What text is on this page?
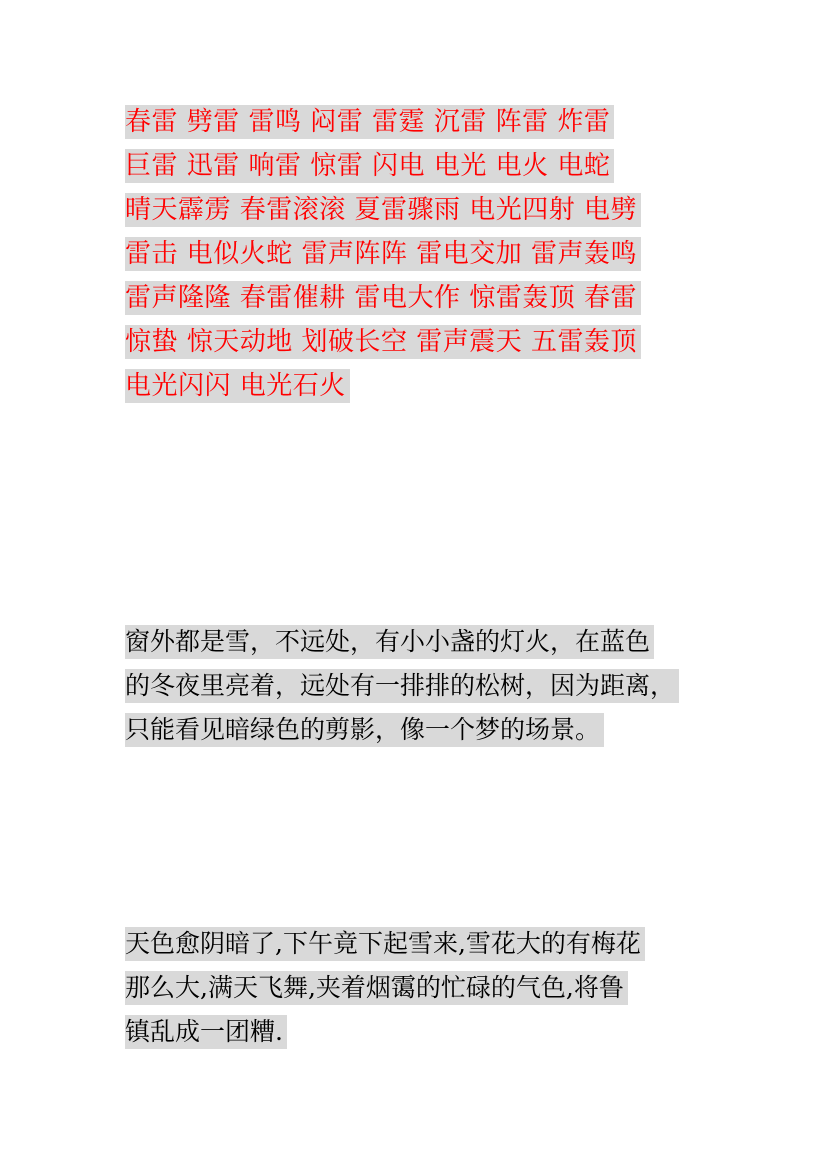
春雷 劈雷 雷鸣 闷雷 雷霆 沉雷 阵雷 炸雷
巨雷 迅雷 响雷 惊雷 闪电 电光 电火 电蛇
晴天霹雳 春雷滚滚 夏雷骤雨 电光四射 电劈
雷击 电似火蛇 雷声阵阵 雷电交加 雷声轰鸣
雷声隆隆 春雷催耕 雷电大作 惊雷轰顶 春雷
惊蛰 惊天动地 划破长空 雷声震天 五雷轰顶
电光闪闪 电光石火
窗外都是雪，不远处，有小小盏的灯火，在蓝色
的冬夜里亮着，远处有一排排的松树，因为距离，
只能看见暗绿色的剪影，像一个梦的场景。
天色愈阴暗了,下午竟下起雪来,雪花大的有梅花
那么大,满天飞舞,夹着烟霭的忙碌的气色,将鲁
镇乱成一团糟.
